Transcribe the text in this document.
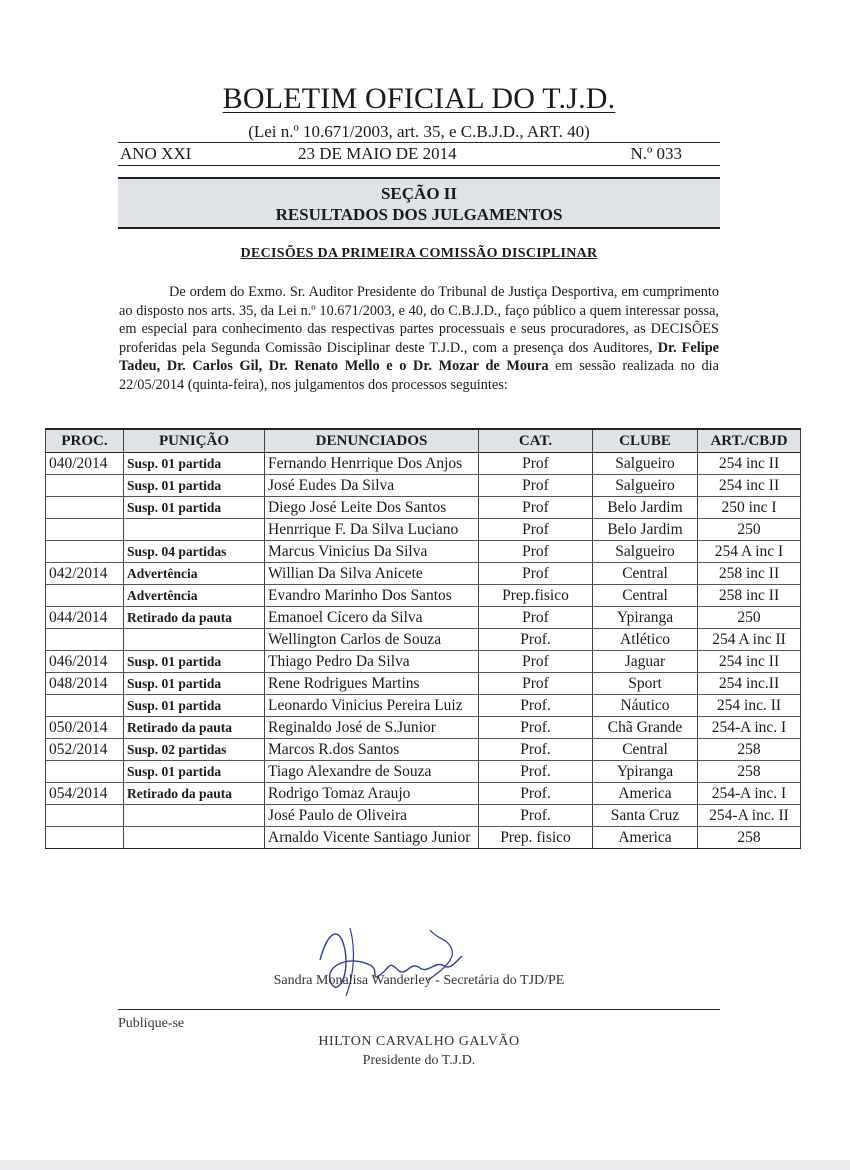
BOLETIM OFICIAL DO T.J.D.
(Lei n.º 10.671/2003, art. 35, e C.B.J.D., ART. 40)
ANO XXI	23 DE MAIO DE 2014	N.º 033
SEÇÃO II
RESULTADOS DOS JULGAMENTOS
DECISÕES DA PRIMEIRA COMISSÃO DISCIPLINAR

De ordem do Exmo. Sr. Auditor Presidente do Tribunal de Justiça Desportiva, em cumprimento ao disposto nos arts. 35, da Lei n.º 10.671/2003, e 40, do C.B.J.D., faço público a quem interessar possa, em especial para conhecimento das respectivas partes processuais e seus procuradores, as DECISÕES proferidas pela Segunda Comissão Disciplinar deste T.J.D., com a presença dos Auditores, Dr. Felipe Tadeu, Dr. Carlos Gil, Dr. Renato Mello e o Dr. Mozar de Moura em sessão realizada no dia 22/05/2014 (quinta-feira), nos julgamentos dos processos seguintes:

PROC.	PUNIÇÃO	DENUNCIADOS	CAT.	CLUBE	ART./CBJD
040/2014	Susp. 01 partida	Fernando Henrrique Dos Anjos	Prof	Salgueiro	254 inc II
	Susp. 01 partida	José Eudes Da Silva	Prof	Salgueiro	254 inc II
	Susp. 01 partida	Diego José Leite Dos Santos	Prof	Belo Jardim	250 inc I
		Henrrique F. Da Silva Luciano	Prof	Belo Jardim	250
	Susp. 04 partidas	Marcus Vinicius Da Silva	Prof	Salgueiro	254 A inc I
042/2014	Advertência	Willian Da Silva Anicete	Prof	Central	258 inc II
	Advertência	Evandro Marinho Dos Santos	Prep.fisico	Central	258 inc II
044/2014	Retirado da pauta	Emanoel Cícero da Silva	Prof	Ypiranga	250
		Wellington Carlos de Souza	Prof.	Atlético	254 A inc II
046/2014	Susp. 01 partida	Thiago Pedro Da Silva	Prof	Jaguar	254 inc II
048/2014	Susp. 01 partida	Rene Rodrigues Martins	Prof	Sport	254 inc.II
	Susp. 01 partida	Leonardo Vinicius Pereira Luiz	Prof.	Náutico	254 inc. II
050/2014	Retirado da pauta	Reginaldo José de S.Junior	Prof.	Chã Grande	254-A inc. I
052/2014	Susp. 02 partidas	Marcos R.dos Santos	Prof.	Central	258
	Susp. 01 partida	Tiago Alexandre de Souza	Prof.	Ypiranga	258
054/2014	Retirado da pauta	Rodrigo Tomaz Araujo	Prof.	America	254-A inc. I
		José Paulo de Oliveira	Prof.	Santa Cruz	254-A inc. II
		Arnaldo Vicente Santiago Junior	Prep. fisico	America	258
Sandra Monalisa Wanderley - Secretária do TJD/PE
Publique-se
HILTON CARVALHO GALVÃO
Presidente do T.J.D.
